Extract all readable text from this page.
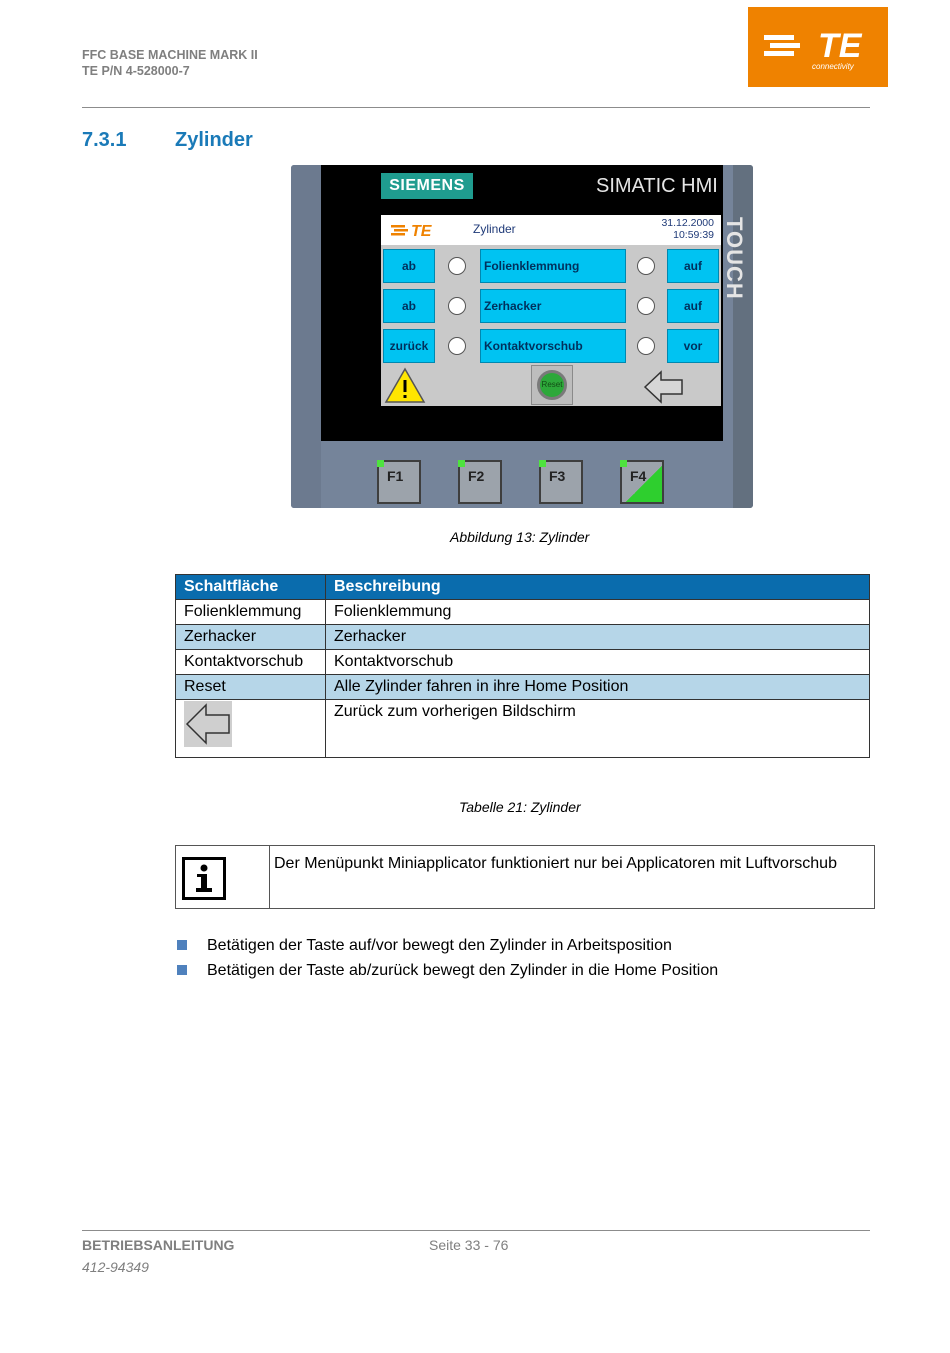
FFC BASE MACHINE MARK II
TE P/N 4-528000-7
TE
connectivity
7.3.1 Zylinder
SIEMENS	SIMATIC HMI
TOUCH
TE	Zylinder	31.12.2000
10:59:39
ab	Folienklemmung	auf
ab	Zerhacker	auf
zurück	Kontaktvorschub	vor
Reset
F1	F2	F3	F4
Abbildung 13: Zylinder
Schaltfläche	Beschreibung
Folienklemmung	Folienklemmung
Zerhacker	Zerhacker
Kontaktvorschub	Kontaktvorschub
Reset	Alle Zylinder fahren in ihre Home Position
	Zurück zum vorherigen Bildschirm
Tabelle 21: Zylinder
Der Menüpunkt Miniapplicator funktioniert nur bei Applicatoren mit Luftvorschub
Betätigen der Taste auf/vor bewegt den Zylinder in Arbeitsposition
Betätigen der Taste ab/zurück bewegt den Zylinder in die Home Position
BETRIEBSANLEITUNG	Seite 33 - 76
412-94349
